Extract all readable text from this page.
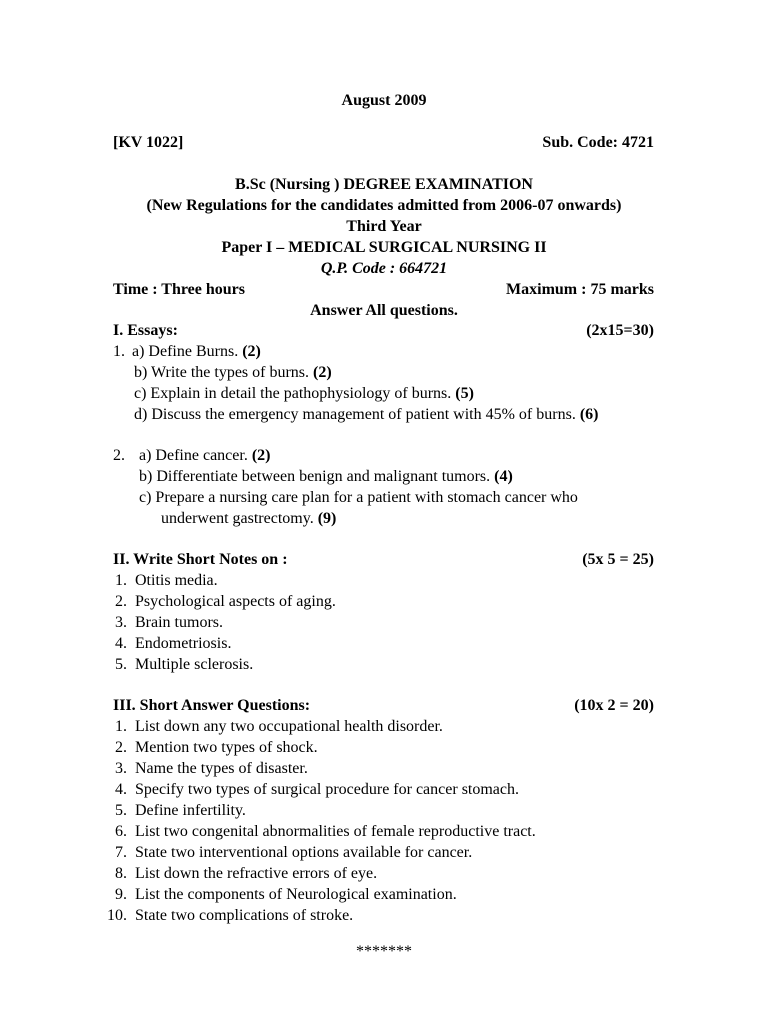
August 2009
[KV 1022]	Sub. Code: 4721
B.Sc (Nursing ) DEGREE EXAMINATION
(New Regulations for the candidates admitted from 2006-07 onwards)
Third Year
Paper I – MEDICAL SURGICAL NURSING II
Q.P. Code : 664721
Time : Three hours	Maximum : 75 marks
Answer All questions.
I. Essays:	(2x15=30)
1. a) Define Burns. (2)
b) Write the types of burns. (2)
c) Explain in detail the pathophysiology of burns. (5)
d) Discuss the emergency management of patient with 45% of burns. (6)
2. a) Define cancer. (2)
b) Differentiate between benign and malignant tumors. (4)
c) Prepare a nursing care plan for a patient with stomach cancer who
underwent gastrectomy. (9)
II. Write Short Notes on :	(5x 5 = 25)
1. Otitis media.
2. Psychological aspects of aging.
3. Brain tumors.
4. Endometriosis.
5. Multiple sclerosis.
III. Short Answer Questions:	(10x 2 = 20)
1. List down any two occupational health disorder.
2. Mention two types of shock.
3. Name the types of disaster.
4. Specify two types of surgical procedure for cancer stomach.
5. Define infertility.
6. List two congenital abnormalities of female reproductive tract.
7. State two interventional options available for cancer.
8. List down the refractive errors of eye.
9. List the components of Neurological examination.
10. State two complications of stroke.
*******
